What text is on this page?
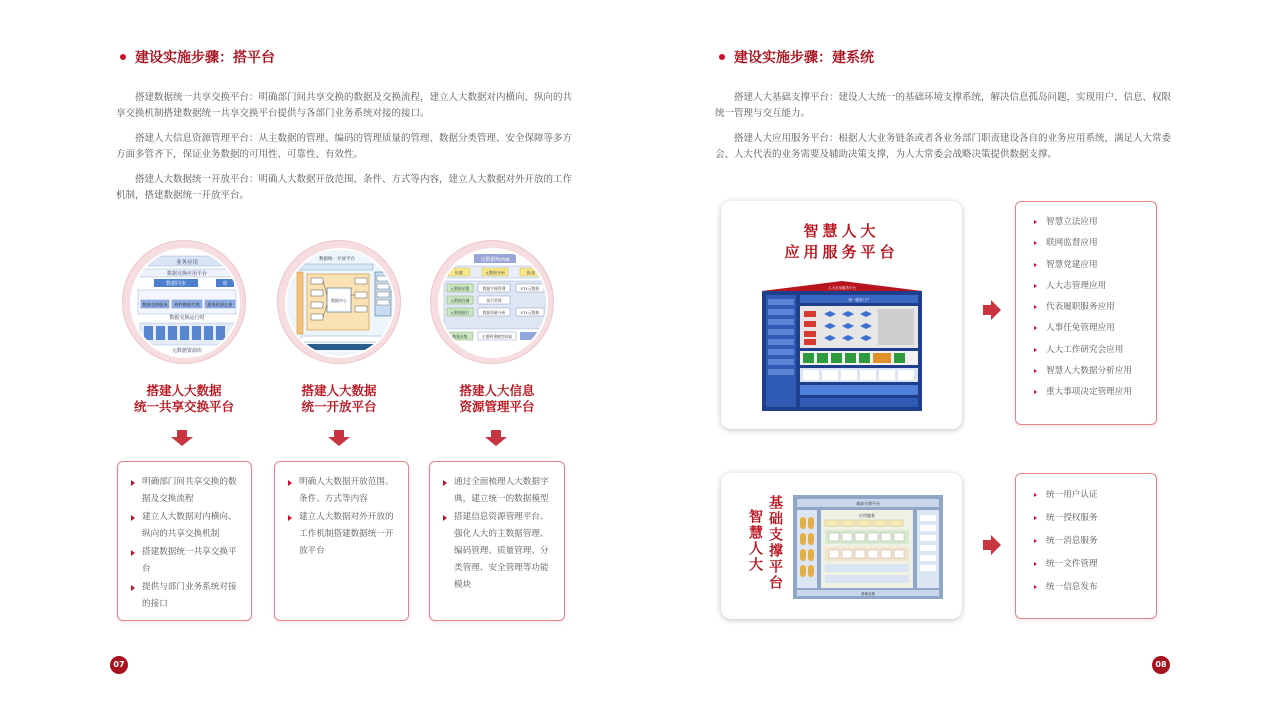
建设实施步骤：搭平台

搭建数据统一共享交换平台：明确部门间共享交换的数据及交换流程，建立人大数据对内横向、纵向的共享交换机制搭建数据统一共享交换平台提供与各部门业务系统对接的接口。

搭建人大信息资源管理平台：从主数据的管理、编码的管理质量的管理、数据分类管理、安全保障等多方方面多管齐下，保证业务数据的可用性、可靠性、有效性。

搭建人大数据统一开放平台：明确人大数据开放范围、条件、方式等内容，建立人大数据对外开放的工作机制，搭建数据统一开放平台。

业务应用
数据交换应用平台
数据同步	单
数据交换服务 构件模板代理 服务资源注册
数据交换运行时
元数据资源库
数据统一开放平台
数据中心
元数据Portal
检索	元数据分析	报表
元数据采集	数据字典管理	ETL元数据
元数据存储	执行管理
元数据接口	数据质量分析	ETL元数据
数据采集	主题构建模型获取
搭建人大数据
统一共享交换平台
搭建人大数据
统一开放平台
搭建人大信息
资源管理平台
明确部门间共享交换的数据及交换流程
建立人大数据对内横向、纵向的共享交换机制
搭建数据统一共享交换平台
提供与部门业务系统对接的接口
明确人大数据开放范围、条件、方式等内容
建立人大数据对外开放的工作机制搭建数据统一开放平台
通过全面梳理人大数据字典，建立统一的数据模型
搭建信息资源管理平台、强化人大的主数据管理、编码管理、质量管理、分类管理、安全管理等功能模块
07
建设实施步骤：建系统

搭建人大基础支撑平台：建设人大统一的基础环境支撑系统，解决信息孤岛问题，实现用户、信息、权限统一管理与交互能力。

搭建人大应用服务平台：根据人大业务链条或者各业务部门职责建设各自的业务应用系统，满足人大常委会、人大代表的业务需要及辅助决策支撑，为人大常委会战略决策提供数据支撑。

智慧人大
应用服务平台
人大应用服务平台
统一服务门户
智慧立法应用
联网监督应用
智慧党建应用
人大志管理应用
代表履职服务应用
人事任免管理应用
人大工作研究会应用
智慧人大数据分析应用
重大事项决定管理应用
智慧人大 基础支撑平台	基础支撑平台
应用服务
基础设施
统一用户认证
统一授权服务
统一消息服务
统一文件管理
统一信息发布
08
